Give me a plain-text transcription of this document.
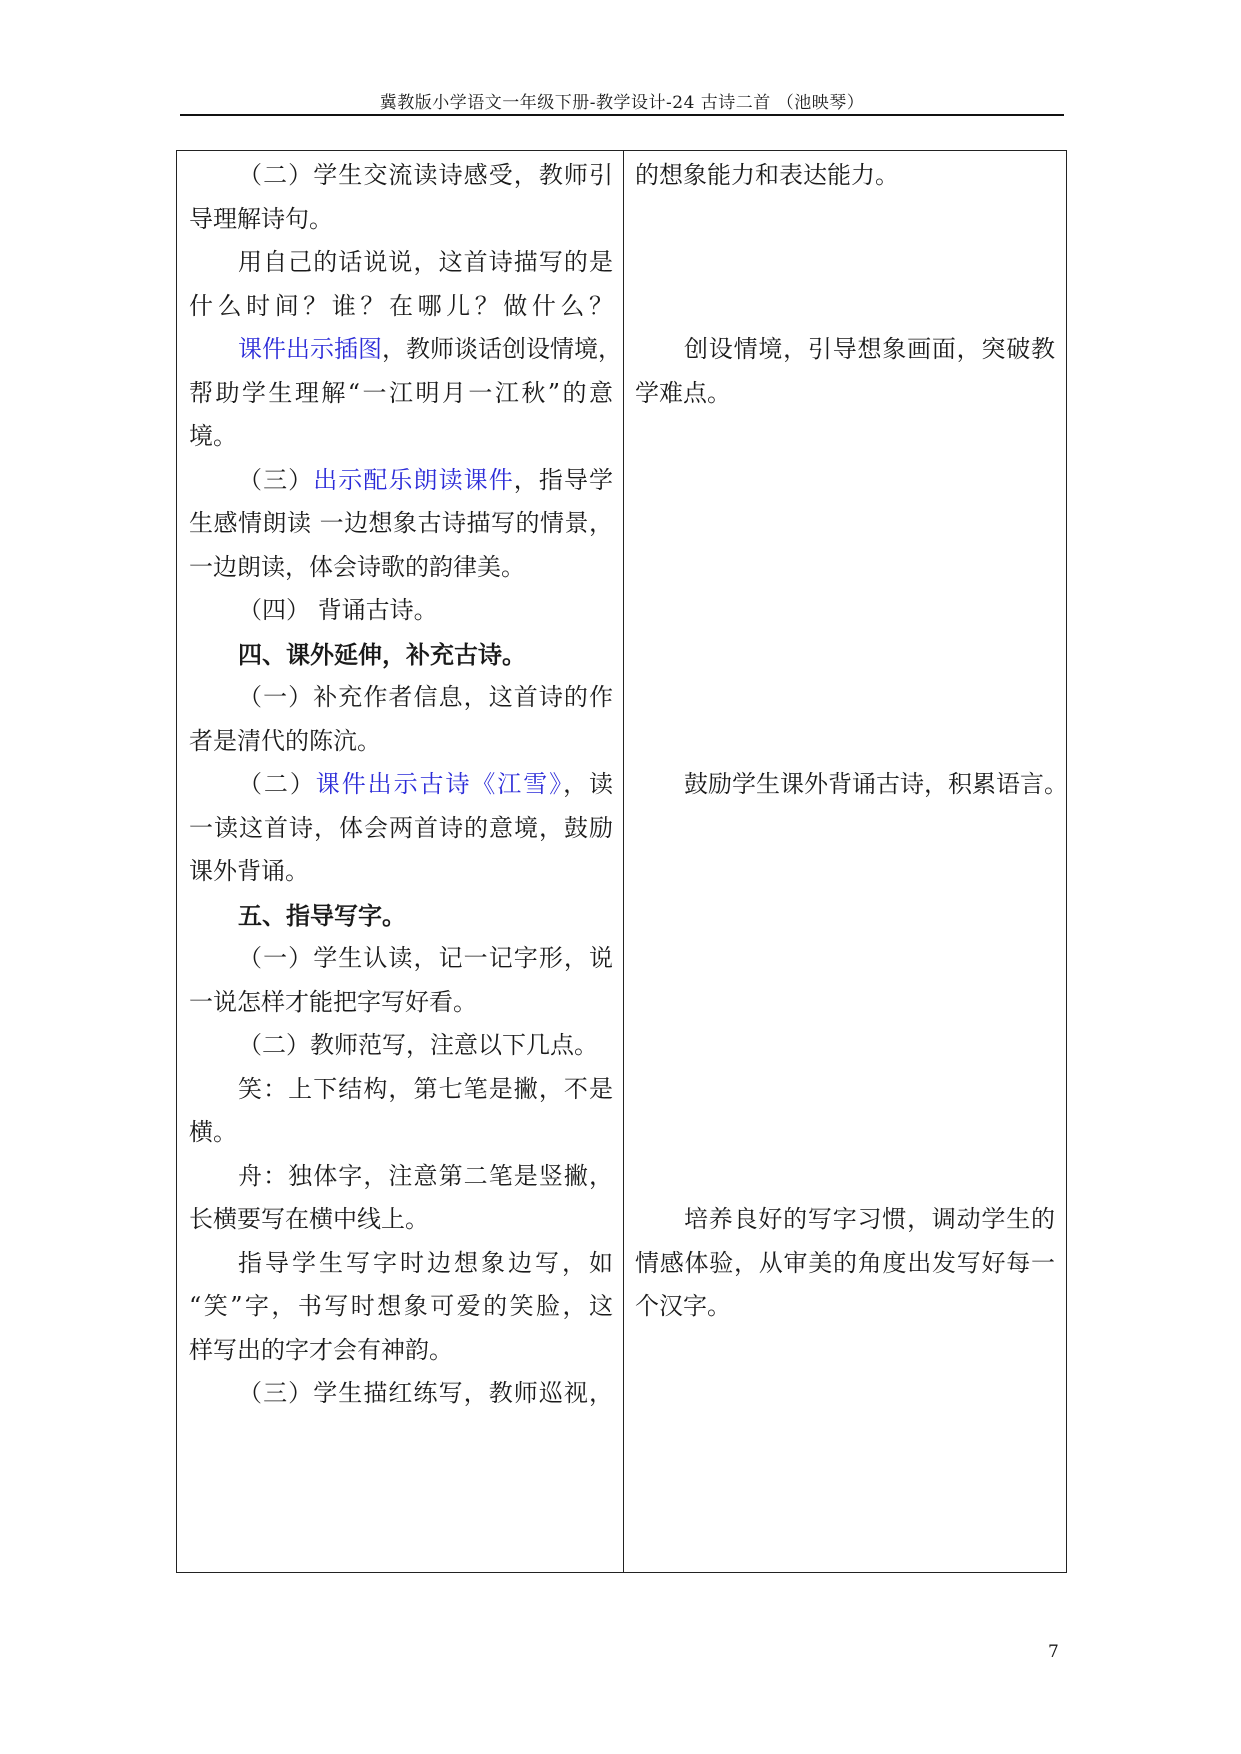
冀教版小学语文一年级下册-教学设计-24 古诗二首 （池映琴）
（二）学生交流读诗感受，教师引
导理解诗句。
用自己的话说说，这首诗描写的是
什么时间？谁？在哪儿？做什么？
课件出示插图，教师谈话创设情境，
帮助学生理解“一江明月一江秋”的意
境。
（三）出示配乐朗读课件，指导学
生感情朗读 一边想象古诗描写的情景，
一边朗读，体会诗歌的韵律美。
（四） 背诵古诗。
四、课外延伸，补充古诗。
（一）补充作者信息，这首诗的作
者是清代的陈沆。
（二）课件出示古诗《江雪》，读
一读这首诗，体会两首诗的意境，鼓励
课外背诵。
五、指导写字。
（一）学生认读，记一记字形，说
一说怎样才能把字写好看。
（二）教师范写，注意以下几点。
笑：上下结构，第七笔是撇，不是
横。
舟：独体字，注意第二笔是竖撇，
长横要写在横中线上。
指导学生写字时边想象边写，如
“笑”字，书写时想象可爱的笑脸，这
样写出的字才会有神韵。
（三）学生描红练写，教师巡视，
的想象能力和表达能力。
创设情境，引导想象画面，突破教
学难点。
鼓励学生课外背诵古诗，积累语言。
培养良好的写字习惯，调动学生的
情感体验，从审美的角度出发写好每一
个汉字。
7
